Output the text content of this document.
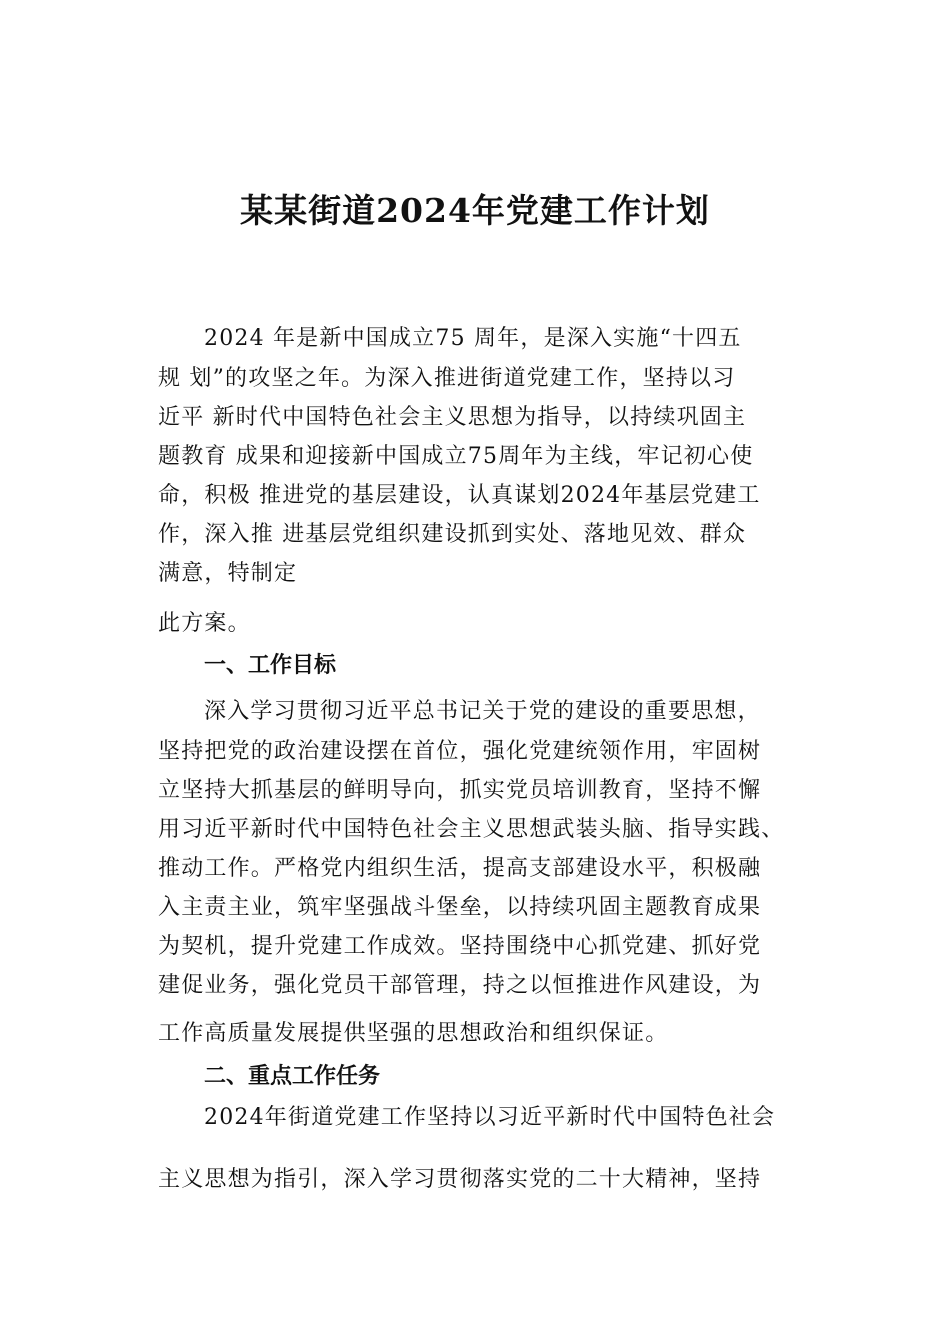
某某街道2024年党建工作计划
2024 年是新中国成立75 周年，是深入实施“十四五
规 划”的攻坚之年。为深入推进街道党建工作，坚持以习
近平 新时代中国特色社会主义思想为指导，以持续巩固主
题教育 成果和迎接新中国成立75周年为主线，牢记初心使
命，积极 推进党的基层建设，认真谋划2024年基层党建工
作，深入推 进基层党组织建设抓到实处、落地见效、群众
满意，特制定
此方案。
一、工作目标
深入学习贯彻习近平总书记关于党的建设的重要思想，
坚持把党的政治建设摆在首位，强化党建统领作用，牢固树
立坚持大抓基层的鲜明导向，抓实党员培训教育，坚持不懈
用习近平新时代中国特色社会主义思想武装头脑、指导实践、
推动工作。严格党内组织生活，提高支部建设水平，积极融
入主责主业，筑牢坚强战斗堡垒，以持续巩固主题教育成果
为契机，提升党建工作成效。坚持围绕中心抓党建、抓好党
建促业务，强化党员干部管理，持之以恒推进作风建设，为
工作高质量发展提供坚强的思想政治和组织保证。
二、重点工作任务
2024年街道党建工作坚持以习近平新时代中国特色社会
主义思想为指引，深入学习贯彻落实党的二十大精神，坚持
